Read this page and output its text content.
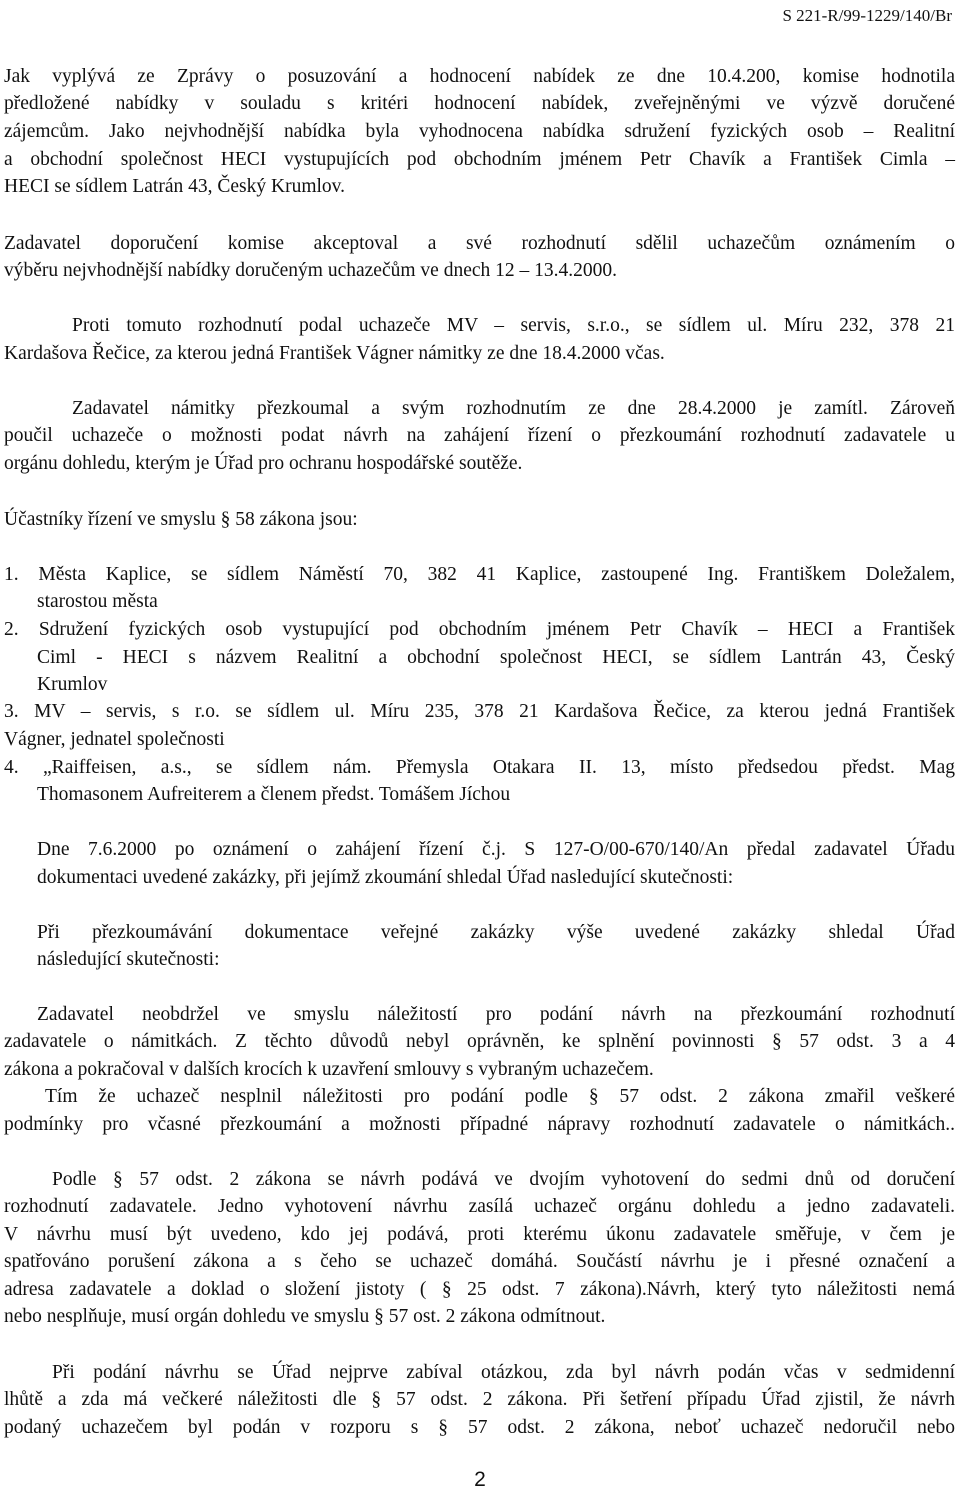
S 221-R/99-1229/140/Br
Jak vyplývá ze Zprávy o posuzování a hodnocení nabídek ze dne 10.4.200, komise hodnotila
předložené nabídky v souladu s kritéri hodnocení nabídek, zveřejněnými ve výzvě doručené
zájemcům. Jako nejvhodnější nabídka byla vyhodnocena nabídka sdružení fyzických osob – Realitní
a obchodní společnost HECI vystupujících pod obchodním jménem Petr Chavík a František Cimla –
HECI se sídlem Latrán 43, Český Krumlov.
Zadavatel doporučení komise akceptoval a své rozhodnutí sdělil uchazečům oznámením o
výběru nejvhodnější nabídky doručeným uchazečům ve dnech 12 – 13.4.2000.
Proti tomuto rozhodnutí podal uchazeče MV – servis, s.r.o., se sídlem ul. Míru 232, 378 21
Kardašova Řečice, za kterou jedná František Vágner námitky ze dne 18.4.2000 včas.
Zadavatel námitky přezkoumal a svým rozhodnutím ze dne 28.4.2000 je zamítl. Zároveň
poučil uchazeče o možnosti podat návrh na zahájení řízení o přezkoumání rozhodnutí zadavatele u
orgánu dohledu, kterým je Úřad pro ochranu hospodářské soutěže.
Účastníky řízení ve smyslu § 58 zákona jsou:
1. Města Kaplice, se sídlem Náměstí 70, 382 41 Kaplice, zastoupené Ing. Františkem Doležalem,
starostou města
2. Sdružení fyzických osob vystupující pod obchodním jménem Petr Chavík – HECI a František
Ciml - HECI s názvem Realitní a obchodní společnost HECI, se sídlem Lantrán 43, Český
Krumlov
3. MV – servis, s r.o. se sídlem ul. Míru 235, 378 21 Kardašova Řečice, za kterou jedná František
Vágner, jednatel společnosti
4. „Raiffeisen, a.s., se sídlem nám. Přemysla Otakara II. 13, místo předsedou předst. Mag
Thomasonem Aufreiterem a členem předst. Tomášem Jíchou
Dne 7.6.2000 po oznámení o zahájení řízení č.j. S 127-O/00-670/140/An předal zadavatel Úřadu
dokumentaci uvedené zakázky, při jejímž zkoumání shledal Úřad nasledující skutečnosti:
Při přezkoumávání dokumentace veřejné zakázky výše uvedené zakázky shledal Úřad
následující skutečnosti:
Zadavatel neobdržel ve smyslu náležitostí pro podání návrh na přezkoumání rozhodnutí
zadavatele o námitkách. Z těchto důvodů nebyl oprávněn, ke splnění povinnosti § 57 odst. 3 a 4
zákona a pokračoval v dalších krocích k uzavření smlouvy s vybraným uchazečem.
Tím že uchazeč nesplnil náležitosti pro podání podle § 57 odst. 2 zákona zmařil veškeré
podmínky pro včasné přezkoumání a možnosti případné nápravy rozhodnutí zadavatele o námitkách..
Podle § 57 odst. 2 zákona se návrh podává ve dvojím vyhotovení do sedmi dnů od doručení
rozhodnutí zadavatele. Jedno vyhotovení návrhu zasílá uchazeč orgánu dohledu a jedno zadavateli.
V návrhu musí být uvedeno, kdo jej podává, proti kterému úkonu zadavatele směřuje, v čem je
spatřováno porušení zákona a s čeho se uchazeč domáhá. Součástí návrhu je i přesné označení a
adresa zadavatele a doklad o složení jistoty ( § 25 odst. 7 zákona).Návrh, který tyto náležitosti nemá
nebo nesplňuje, musí orgán dohledu ve smyslu § 57 ost. 2 zákona odmítnout.
Při podání návrhu se Úřad nejprve zabíval otázkou, zda byl návrh podán včas v sedmidenní
lhůtě a zda má večkeré náležitosti dle § 57 odst. 2 zákona. Při šetření případu Úřad zjistil, že návrh
podaný uchazečem byl podán v rozporu s § 57 odst. 2 zákona, neboť uchazeč nedoručil nebo
2
